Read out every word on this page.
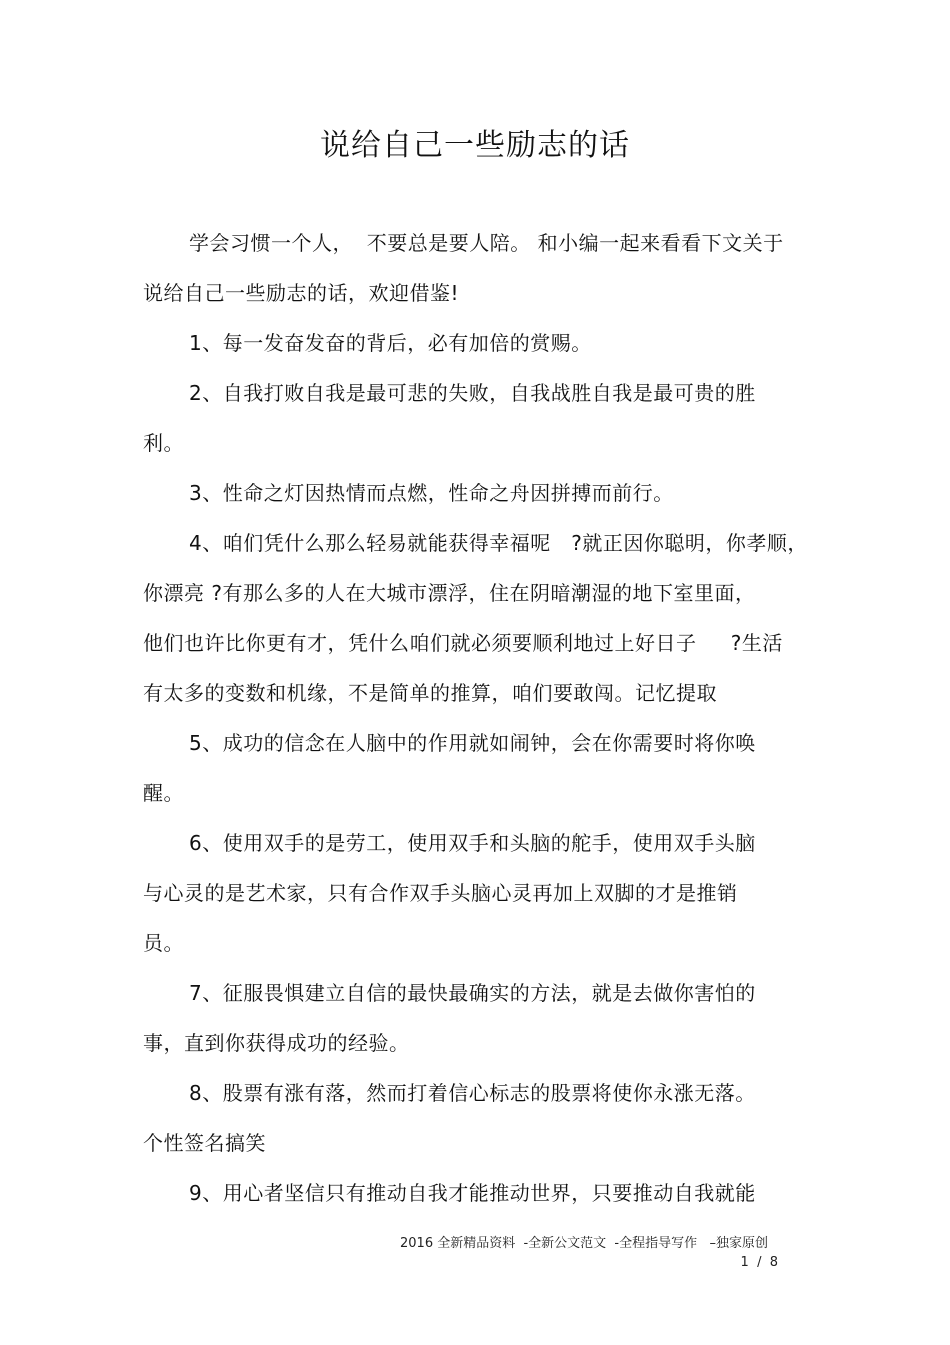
说给自己一些励志的话
学会习惯一个人，  不要总是要人陪。 和小编一起来看看下文关于
说给自己一些励志的话，欢迎借鉴!
1、每一发奋发奋的背后，必有加倍的赏赐。
2、自我打败自我是最可悲的失败，自我战胜自我是最可贵的胜
利。
3、性命之灯因热情而点燃，性命之舟因拼搏而前行。
4、咱们凭什么那么轻易就能获得幸福呢   ?就正因你聪明，你孝顺，
你漂亮 ?有那么多的人在大城市漂浮，住在阴暗潮湿的地下室里面，
他们也许比你更有才，凭什么咱们就必须要顺利地过上好日子     ?生活
有太多的变数和机缘，不是简单的推算，咱们要敢闯。记忆提取
5、成功的信念在人脑中的作用就如闹钟，会在你需要时将你唤
醒。
6、使用双手的是劳工，使用双手和头脑的舵手，使用双手头脑
与心灵的是艺术家，只有合作双手头脑心灵再加上双脚的才是推销
员。
7、征服畏惧建立自信的最快最确实的方法，就是去做你害怕的
事，直到你获得成功的经验。
8、股票有涨有落，然而打着信心标志的股票将使你永涨无落。
个性签名搞笑
9、用心者坚信只有推动自我才能推动世界，只要推动自我就能
2016 全新精品资料  -全新公文范文  -全程指导写作   –独家原创
1  /  8
